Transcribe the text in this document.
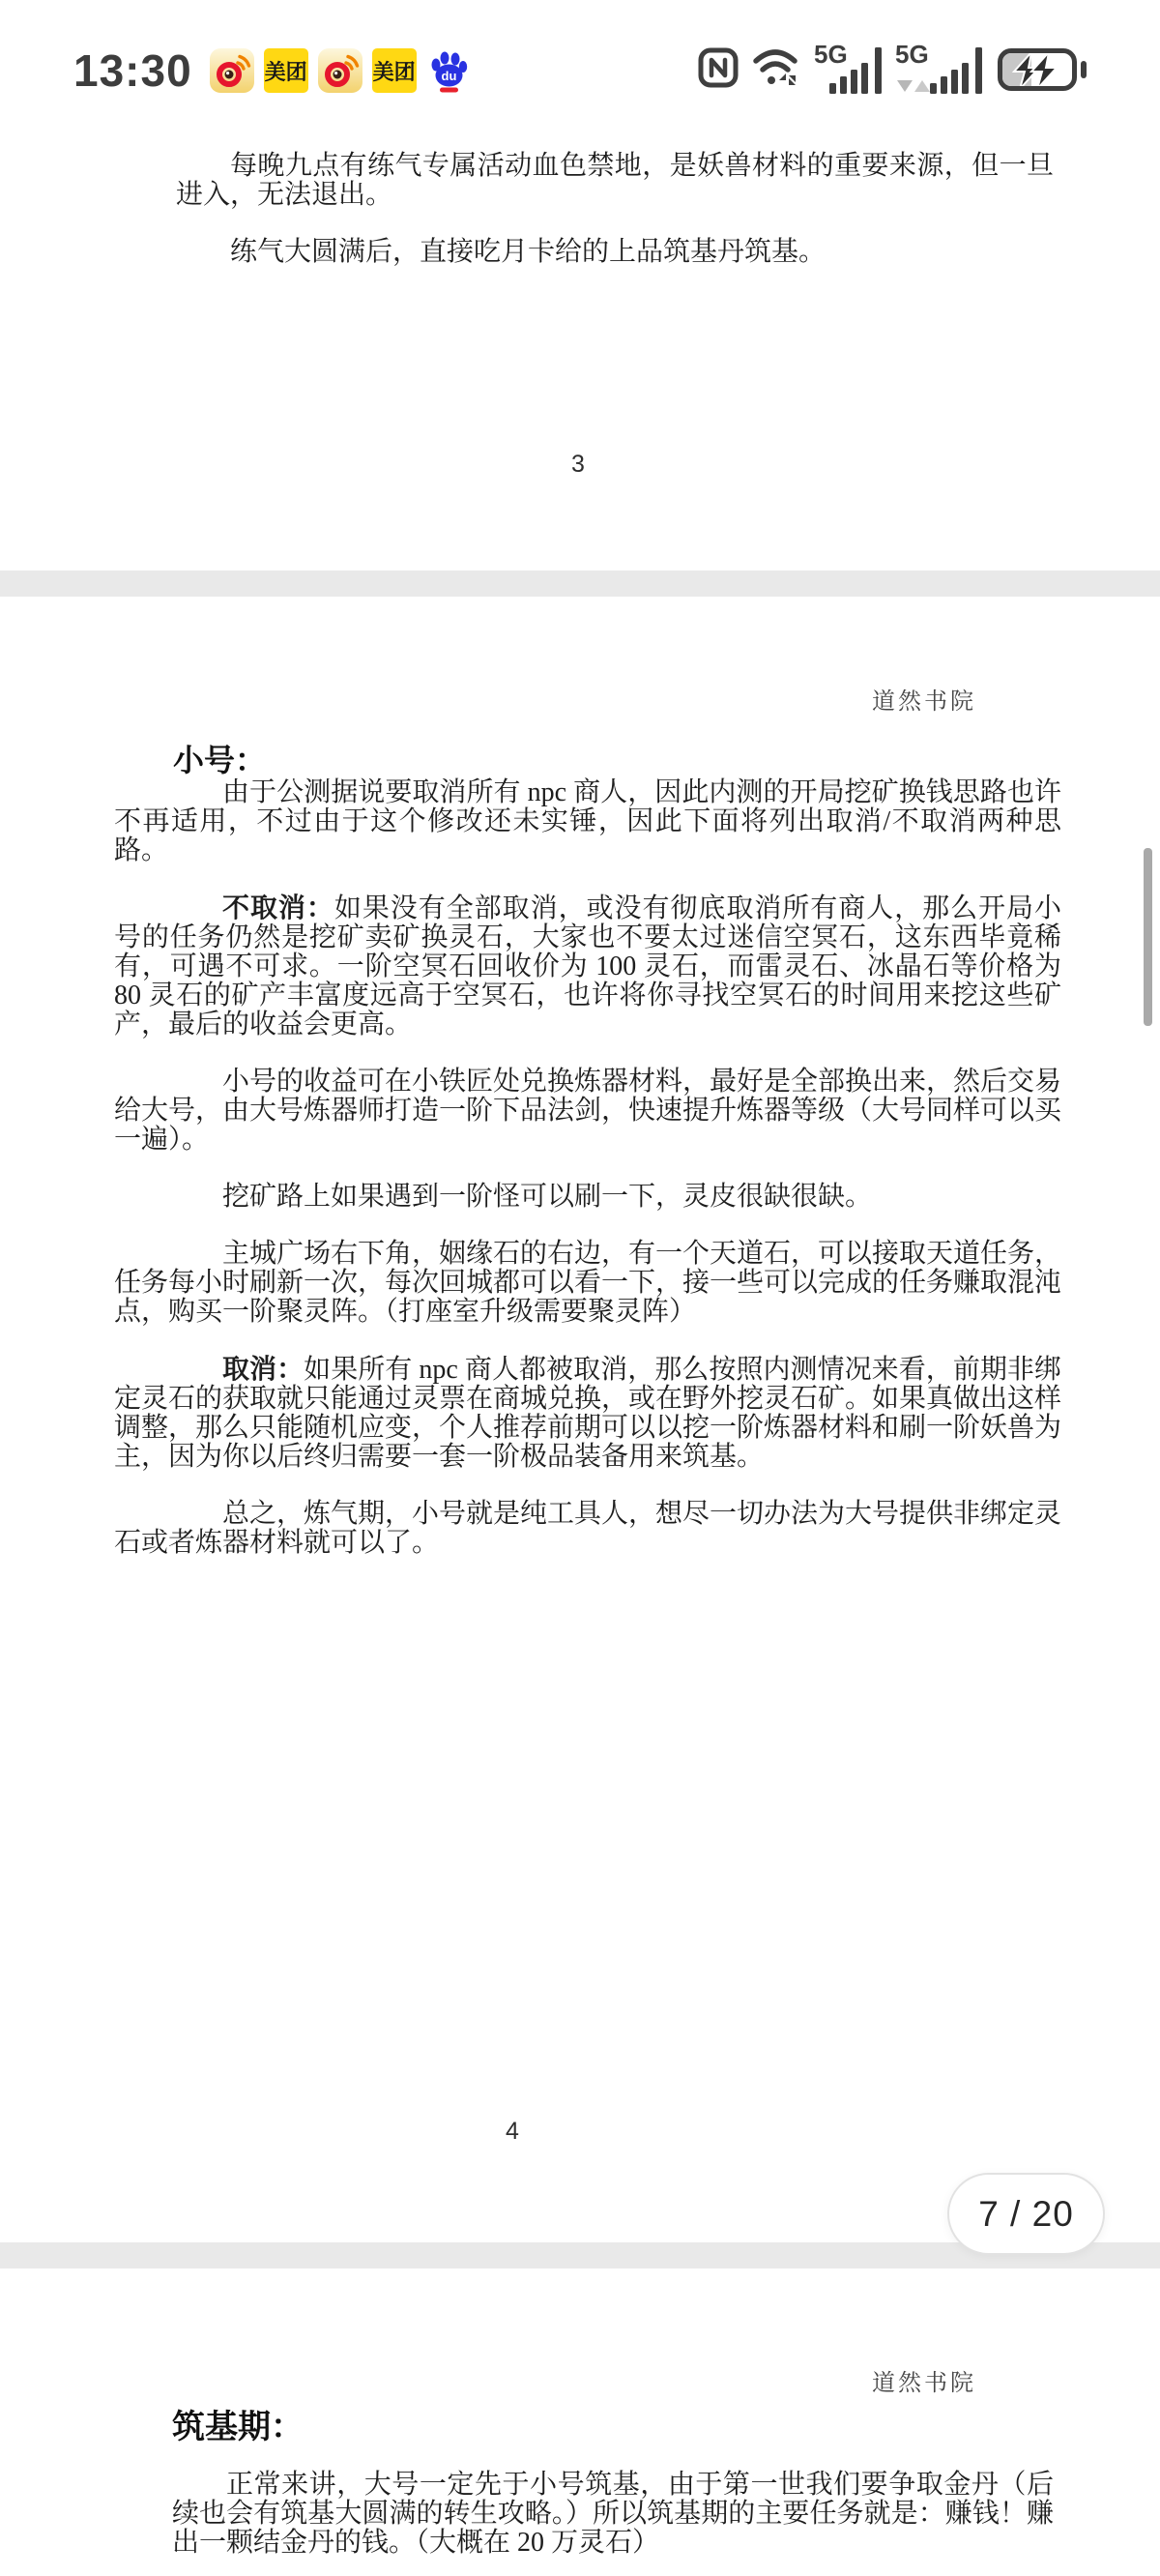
13:30	美团	美团 du
5G 5G

每晚九点有练气专属活动血色禁地，是妖兽材料的重要来源，但一旦进入，无法退出。

练气大圆满后，直接吃月卡给的上品筑基丹筑基。

3
道然书院
小号：

由于公测据说要取消所有 npc 商人，因此内测的开局挖矿换钱思路也许不再适用，不过由于这个修改还未实锤，因此下面将列出取消/不取消两种思路。

不取消：如果没有全部取消，或没有彻底取消所有商人，那么开局小号的任务仍然是挖矿卖矿换灵石，大家也不要太过迷信空冥石，这东西毕竟稀有，可遇不可求。一阶空冥石回收价为 100 灵石，而雷灵石、冰晶石等价格为 80 灵石的矿产丰富度远高于空冥石，也许将你寻找空冥石的时间用来挖这些矿产，最后的收益会更高。

小号的收益可在小铁匠处兑换炼器材料，最好是全部换出来，然后交易给大号，由大号炼器师打造一阶下品法剑，快速提升炼器等级（大号同样可以买一遍）。

挖矿路上如果遇到一阶怪可以刷一下，灵皮很缺很缺。

主城广场右下角，姻缘石的右边，有一个天道石，可以接取天道任务，任务每小时刷新一次，每次回城都可以看一下，接一些可以完成的任务赚取混沌点，购买一阶聚灵阵。（打座室升级需要聚灵阵）

取消：如果所有 npc 商人都被取消，那么按照内测情况来看，前期非绑定灵石的获取就只能通过灵票在商城兑换，或在野外挖灵石矿。如果真做出这样调整，那么只能随机应变，个人推荐前期可以以挖一阶炼器材料和刷一阶妖兽为主，因为你以后终归需要一套一阶极品装备用来筑基。

总之，炼气期，小号就是纯工具人，想尽一切办法为大号提供非绑定灵石或者炼器材料就可以了。

4
7 / 20
道然书院
筑基期：

正常来讲，大号一定先于小号筑基，由于第一世我们要争取金丹（后续也会有筑基大圆满的转生攻略。）所以筑基期的主要任务就是：赚钱！赚出一颗结金丹的钱。（大概在 20 万灵石）
